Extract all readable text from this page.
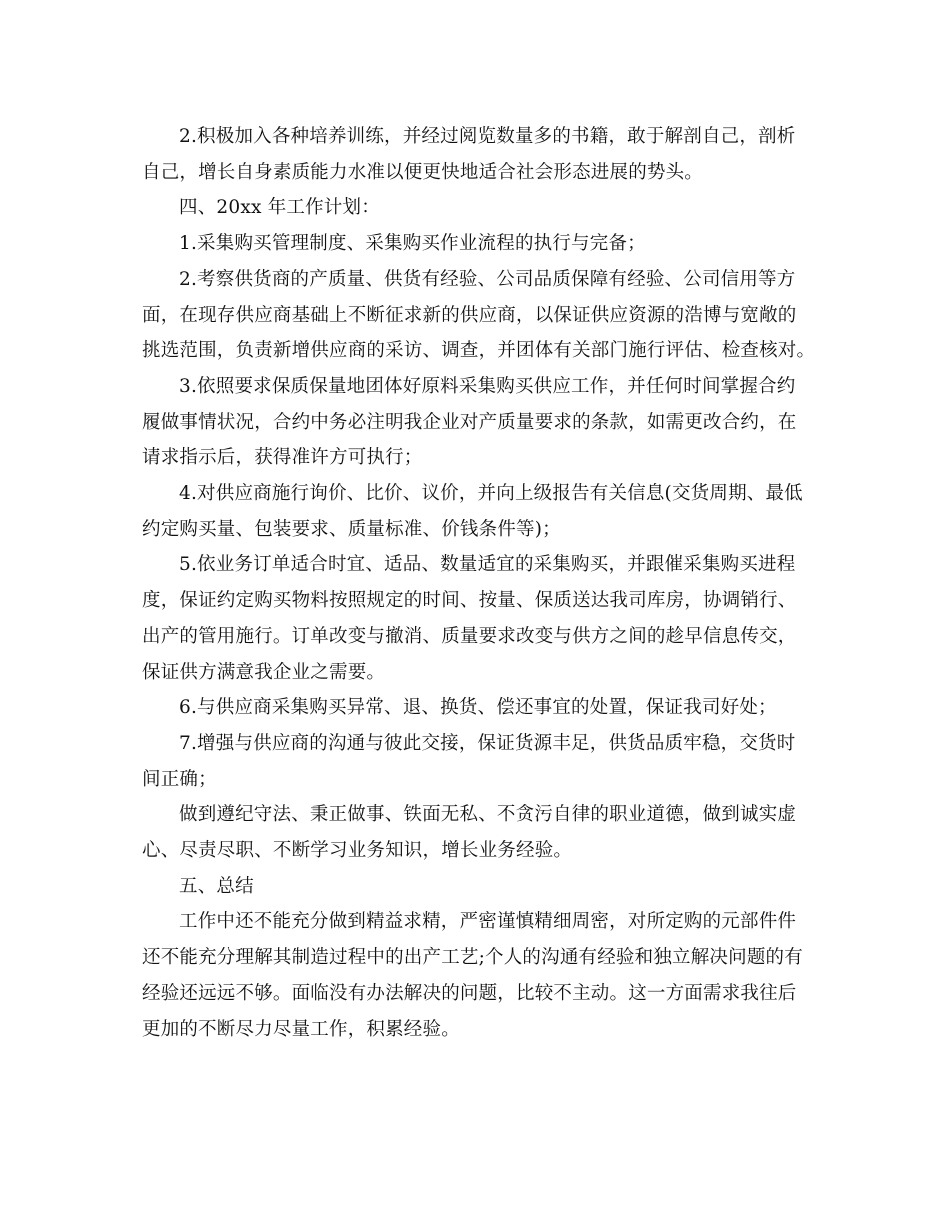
2.积极加入各种培养训练，并经过阅览数量多的书籍，敢于解剖自己，剖析
自己，增长自身素质能力水准以便更快地适合社会形态进展的势头。

四、20xx 年工作计划：

1.采集购买管理制度、采集购买作业流程的执行与完备；

2.考察供货商的产质量、供货有经验、公司品质保障有经验、公司信用等方
面，在现存供应商基础上不断征求新的供应商，以保证供应资源的浩博与宽敞的
挑选范围，负责新增供应商的采访、调查，并团体有关部门施行评估、检查核对。

3.依照要求保质保量地团体好原料采集购买供应工作，并任何时间掌握合约
履做事情状况，合约中务必注明我企业对产质量要求的条款，如需更改合约，在
请求指示后，获得准许方可执行；

4.对供应商施行询价、比价、议价，并向上级报告有关信息(交货周期、最低
约定购买量、包装要求、质量标准、价钱条件等)；

5.依业务订单适合时宜、适品、数量适宜的采集购买，并跟催采集购买进程
度，保证约定购买物料按照规定的时间、按量、保质送达我司库房，协调销行、
出产的管用施行。订单改变与撤消、质量要求改变与供方之间的趁早信息传交，
保证供方满意我企业之需要。

6.与供应商采集购买异常、退、换货、偿还事宜的处置，保证我司好处；

7.增强与供应商的沟通与彼此交接，保证货源丰足，供货品质牢稳，交货时
间正确；

做到遵纪守法、秉正做事、铁面无私、不贪污自律的职业道德，做到诚实虚
心、尽责尽职、不断学习业务知识，增长业务经验。

五、总结

工作中还不能充分做到精益求精，严密谨慎精细周密，对所定购的元部件件
还不能充分理解其制造过程中的出产工艺;个人的沟通有经验和独立解决问题的有
经验还远远不够。面临没有办法解决的问题，比较不主动。这一方面需求我往后
更加的不断尽力尽量工作，积累经验。
